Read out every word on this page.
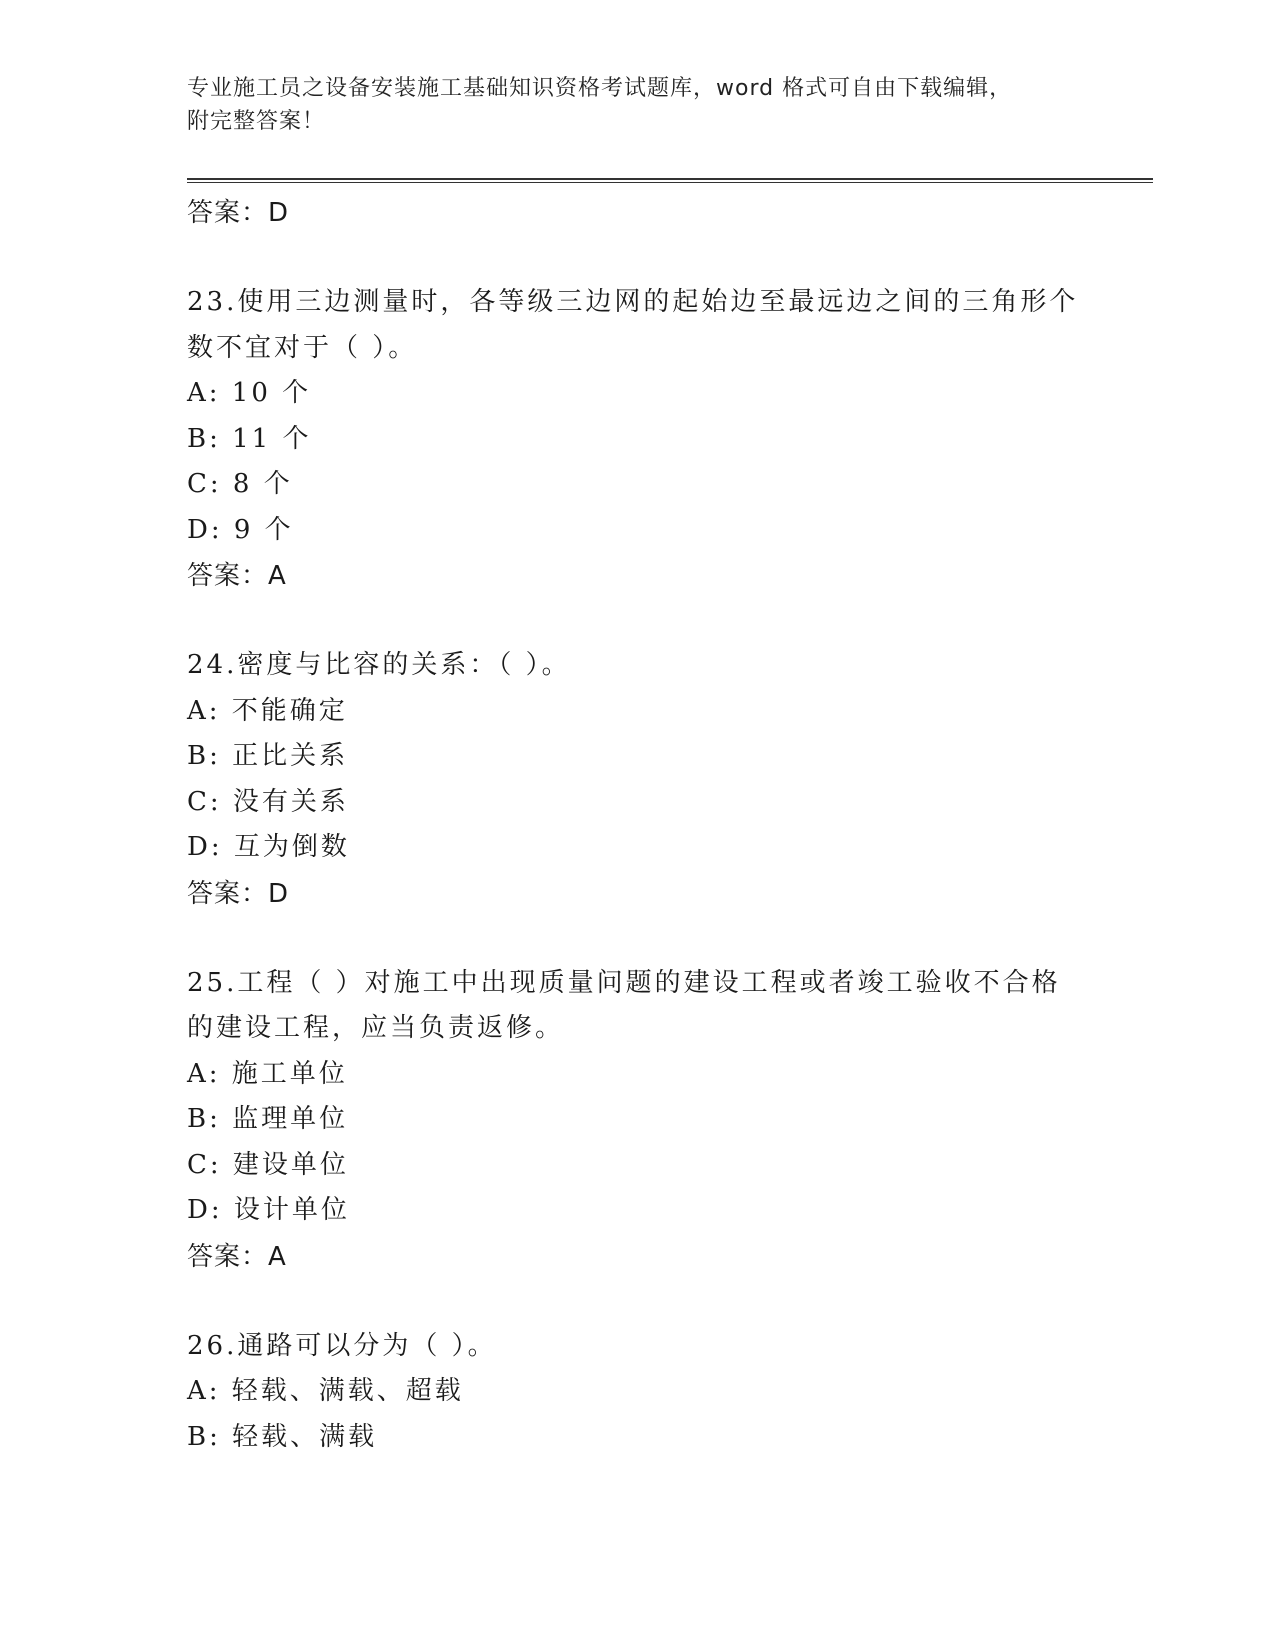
专业施工员之设备安装施工基础知识资格考试题库，word 格式可自由下载编辑，
附完整答案！
答案：D
23.使用三边测量时，各等级三边网的起始边至最远边之间的三角形个
数不宜对于（ ）。
A: 10 个
B: 11 个
C: 8 个
D: 9 个
答案：A
24.密度与比容的关系：（ ）。
A: 不能确定
B: 正比关系
C: 没有关系
D: 互为倒数
答案：D
25.工程（ ）对施工中出现质量问题的建设工程或者竣工验收不合格
的建设工程，应当负责返修。
A: 施工单位
B: 监理单位
C: 建设单位
D: 设计单位
答案：A
26.通路可以分为（ ）。
A: 轻载、满载、超载
B: 轻载、满载
